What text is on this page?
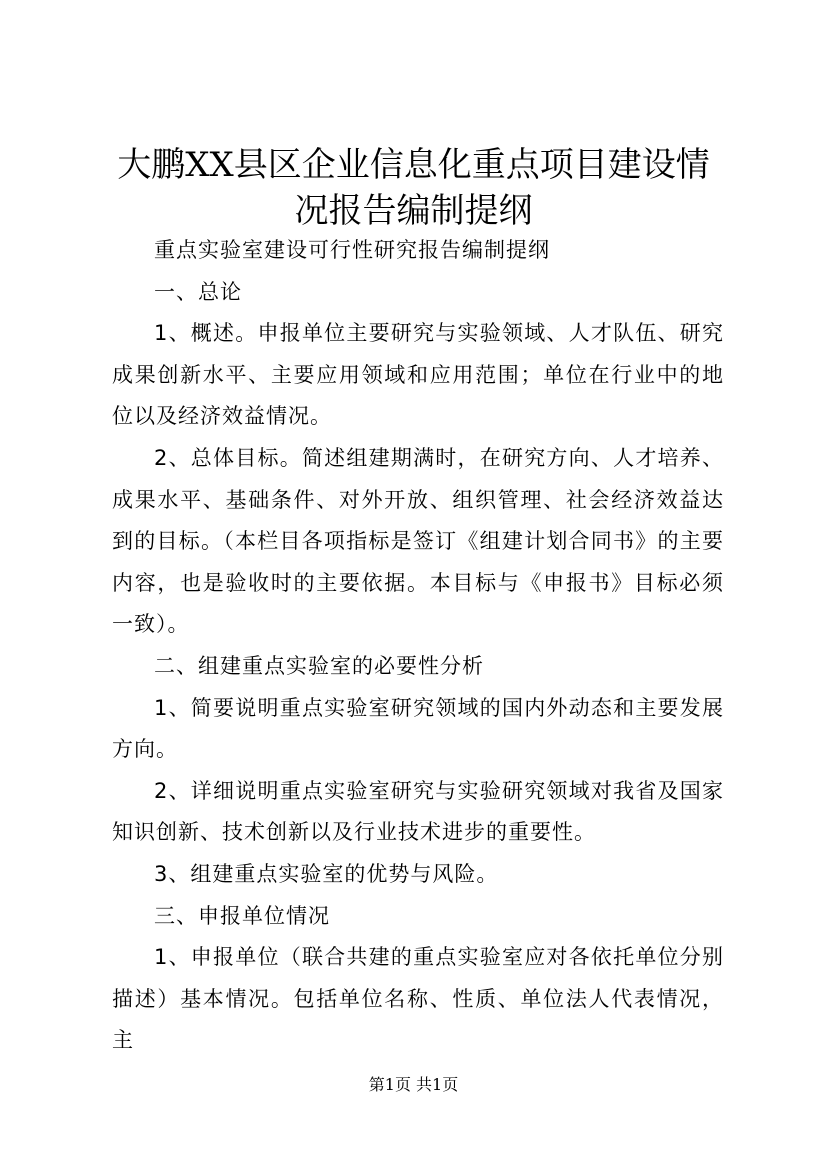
大鹏XX县区企业信息化重点项目建设情况报告编制提纲

重点实验室建设可行性研究报告编制提纲

一、总论

1、概述。申报单位主要研究与实验领域、人才队伍、研究成果创新水平、主要应用领域和应用范围；单位在行业中的地位以及经济效益情况。

2、总体目标。简述组建期满时，在研究方向、人才培养、成果水平、基础条件、对外开放、组织管理、社会经济效益达到的目标。（本栏目各项指标是签订《组建计划合同书》的主要内容，也是验收时的主要依据。本目标与《申报书》目标必须一致）。

二、组建重点实验室的必要性分析

1、简要说明重点实验室研究领域的国内外动态和主要发展方向。

2、详细说明重点实验室研究与实验研究领域对我省及国家知识创新、技术创新以及行业技术进步的重要性。

3、组建重点实验室的优势与风险。

三、申报单位情况

1、申报单位（联合共建的重点实验室应对各依托单位分别描述）基本情况。包括单位名称、性质、单位法人代表情况，主

第1页 共1页
